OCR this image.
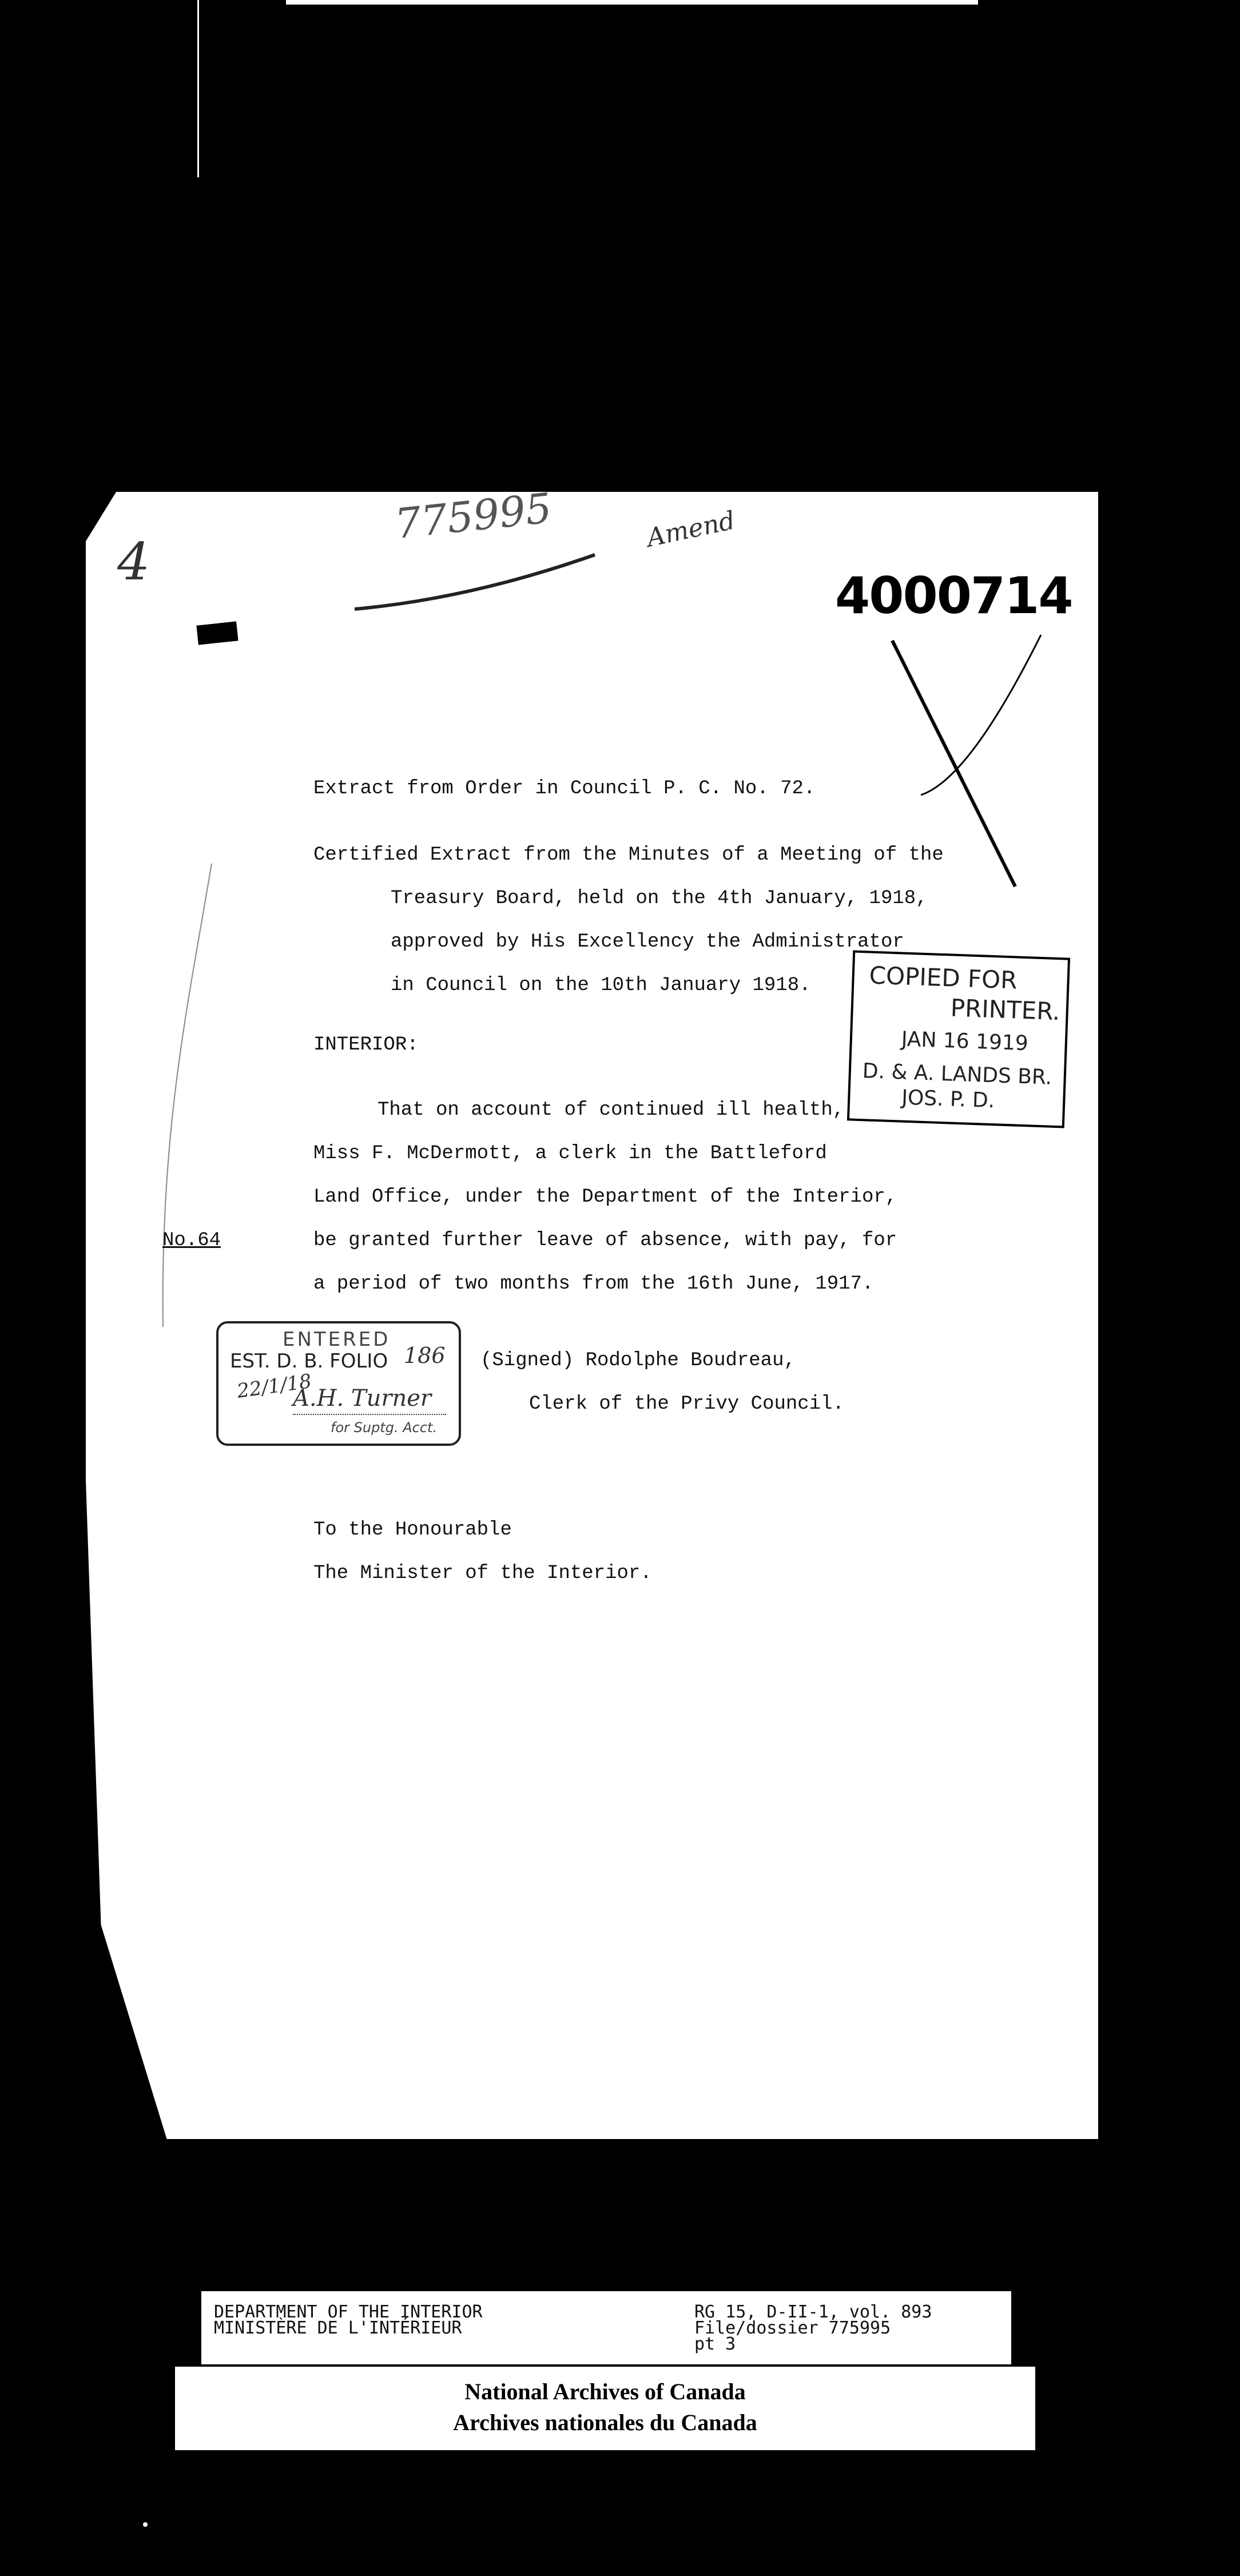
775995
4
Amend
4000714
Extract from Order in Council P. C. No. 72.
Certified Extract from the Minutes of a Meeting of the
Treasury Board, held on the 4th January, 1918,
approved by His Excellency the Administrator
in Council on the 10th January 1918.
INTERIOR:
That on account of continued ill health,
Miss F. McDermott, a clerk in the Battleford
Land Office, under the Department of the Interior,
be granted further leave of absence, with pay, for
a period of two months from the 16th June, 1917.
No.64
(Signed) Rodolphe Boudreau,
Clerk of the Privy Council.
To the Honourable
The Minister of the Interior.
COPIED FOR
PRINTER.
JAN 16 1919
D. & A. LANDS BR.
JOS. P. D.
ENTERED
EST. D. B. FOLIO 186
22/1/18
A.H. Turner
for Suptg. Acct.
DEPARTMENT OF THE INTERIOR
MINISTÈRE DE L'INTÉRIEUR
RG 15, D-II-1, vol. 893
File/dossier 775995
pt 3
National Archives of Canada
Archives nationales du Canada
